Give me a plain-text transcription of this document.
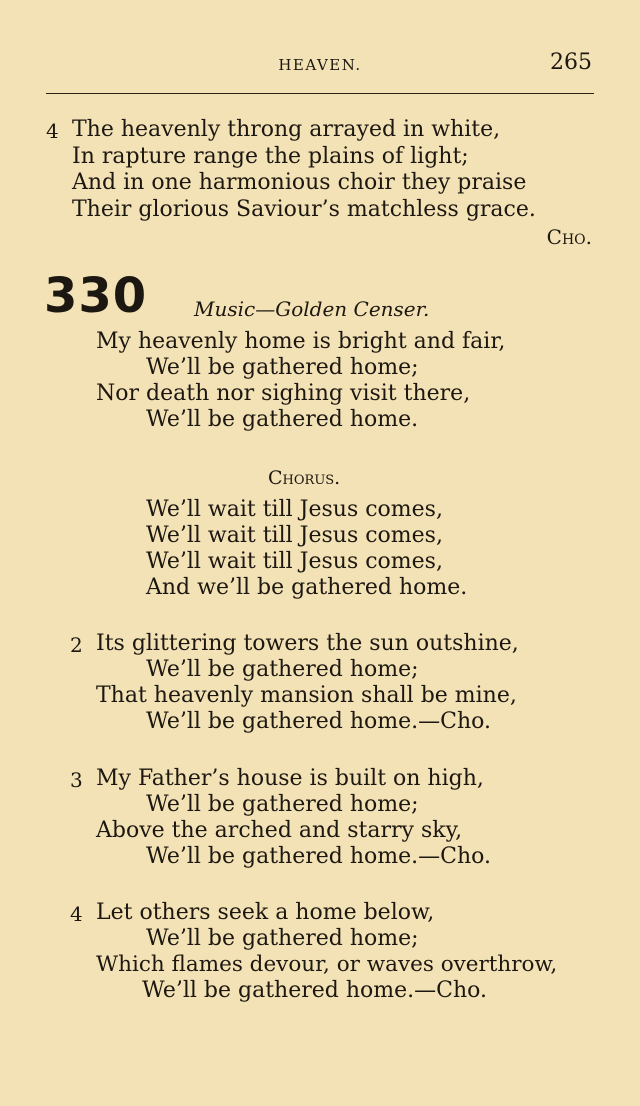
HEAVEN.	265
4 The heavenly throng arrayed in white,
In rapture range the plains of light;
And in one harmonious choir they praise
Their glorious Saviour’s matchless grace.
Cho.
330 Music—Golden Censer.
My heavenly home is bright and fair,
We’ll be gathered home;
Nor death nor sighing visit there,
We’ll be gathered home.
Chorus.
We’ll wait till Jesus comes,
We’ll wait till Jesus comes,
We’ll wait till Jesus comes,
And we’ll be gathered home.
2 Its glittering towers the sun outshine,
We’ll be gathered home;
That heavenly mansion shall be mine,
We’ll be gathered home.—Cho.
3 My Father’s house is built on high,
We’ll be gathered home;
Above the arched and starry sky,
We’ll be gathered home.—Cho.
4 Let others seek a home below,
We’ll be gathered home;
Which flames devour, or waves overthrow,
We’ll be gathered home.—Cho.
